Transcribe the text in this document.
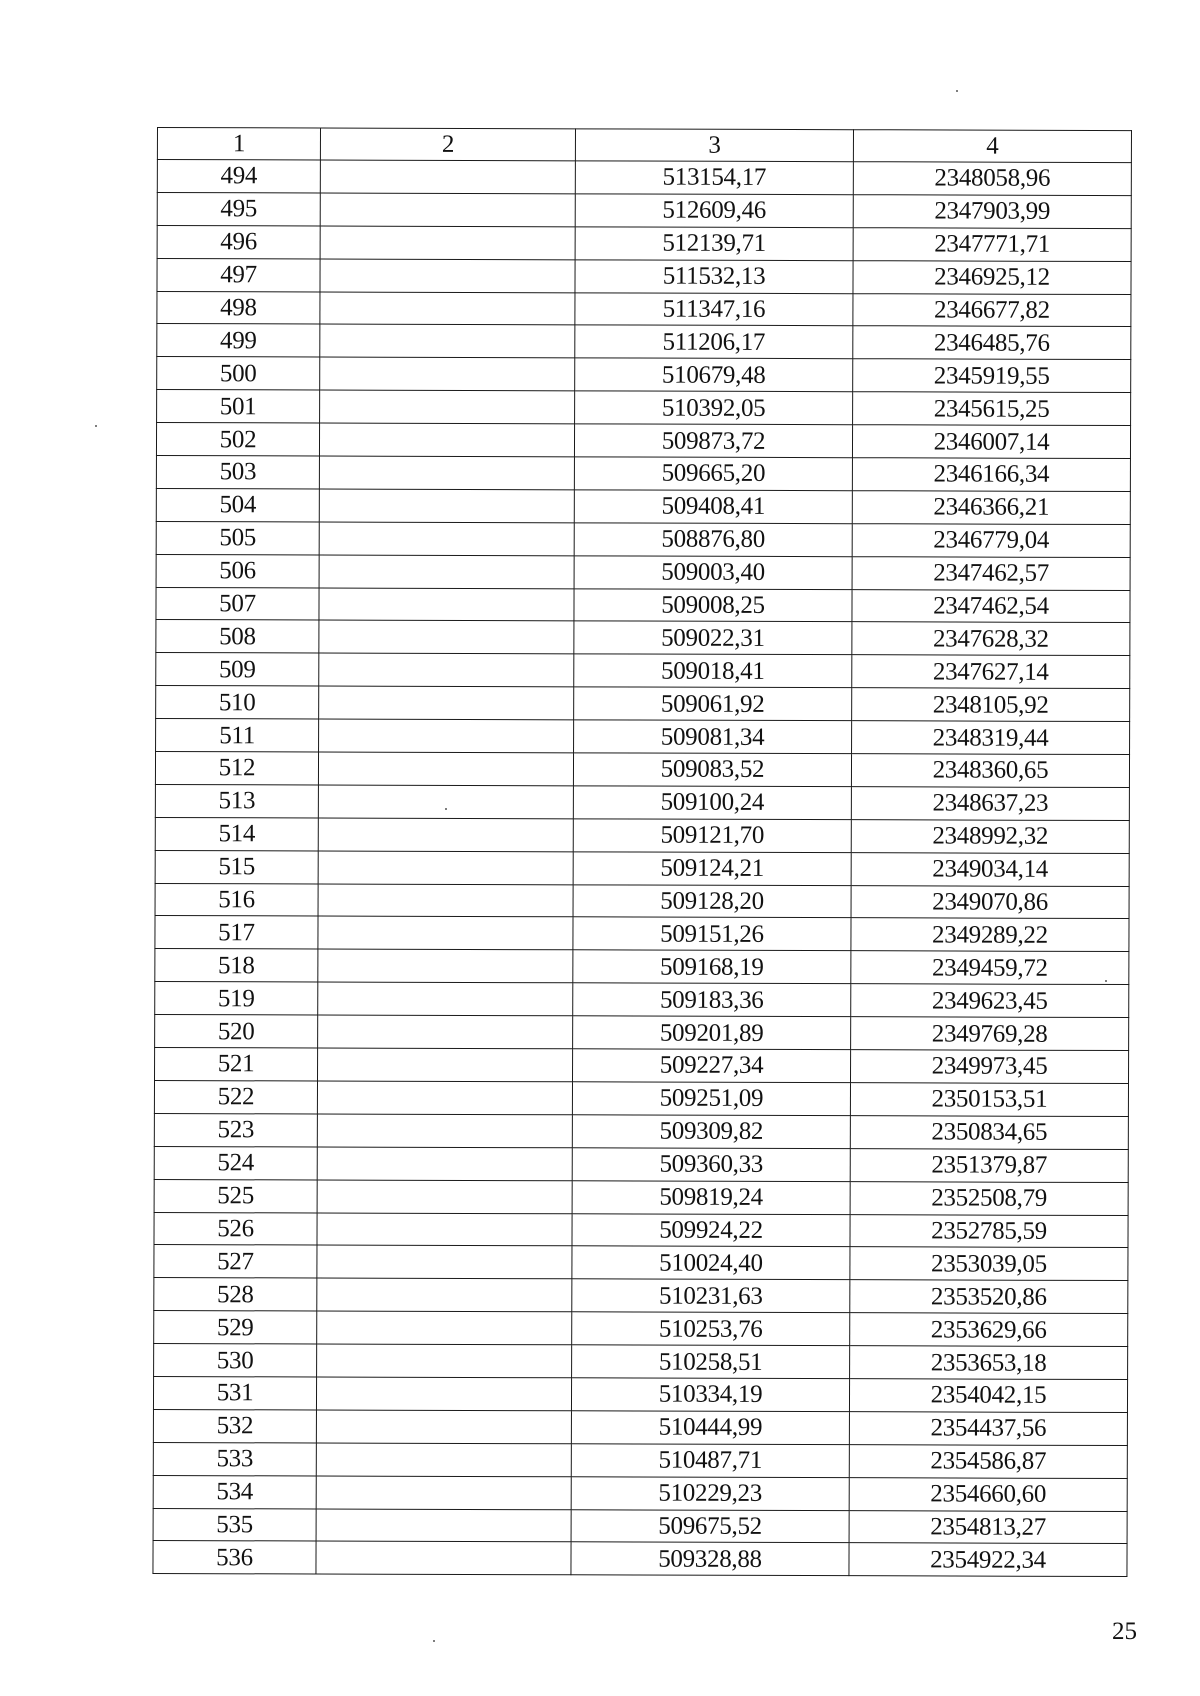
1	2	3	4
494		513154,17	2348058,96
495		512609,46	2347903,99
496		512139,71	2347771,71
497		511532,13	2346925,12
498		511347,16	2346677,82
499		511206,17	2346485,76
500		510679,48	2345919,55
501		510392,05	2345615,25
502		509873,72	2346007,14
503		509665,20	2346166,34
504		509408,41	2346366,21
505		508876,80	2346779,04
506		509003,40	2347462,57
507		509008,25	2347462,54
508		509022,31	2347628,32
509		509018,41	2347627,14
510		509061,92	2348105,92
511		509081,34	2348319,44
512		509083,52	2348360,65
513		509100,24	2348637,23
514		509121,70	2348992,32
515		509124,21	2349034,14
516		509128,20	2349070,86
517		509151,26	2349289,22
518		509168,19	2349459,72
519		509183,36	2349623,45
520		509201,89	2349769,28
521		509227,34	2349973,45
522		509251,09	2350153,51
523		509309,82	2350834,65
524		509360,33	2351379,87
525		509819,24	2352508,79
526		509924,22	2352785,59
527		510024,40	2353039,05
528		510231,63	2353520,86
529		510253,76	2353629,66
530		510258,51	2353653,18
531		510334,19	2354042,15
532		510444,99	2354437,56
533		510487,71	2354586,87
534		510229,23	2354660,60
535		509675,52	2354813,27
536		509328,88	2354922,34
25
